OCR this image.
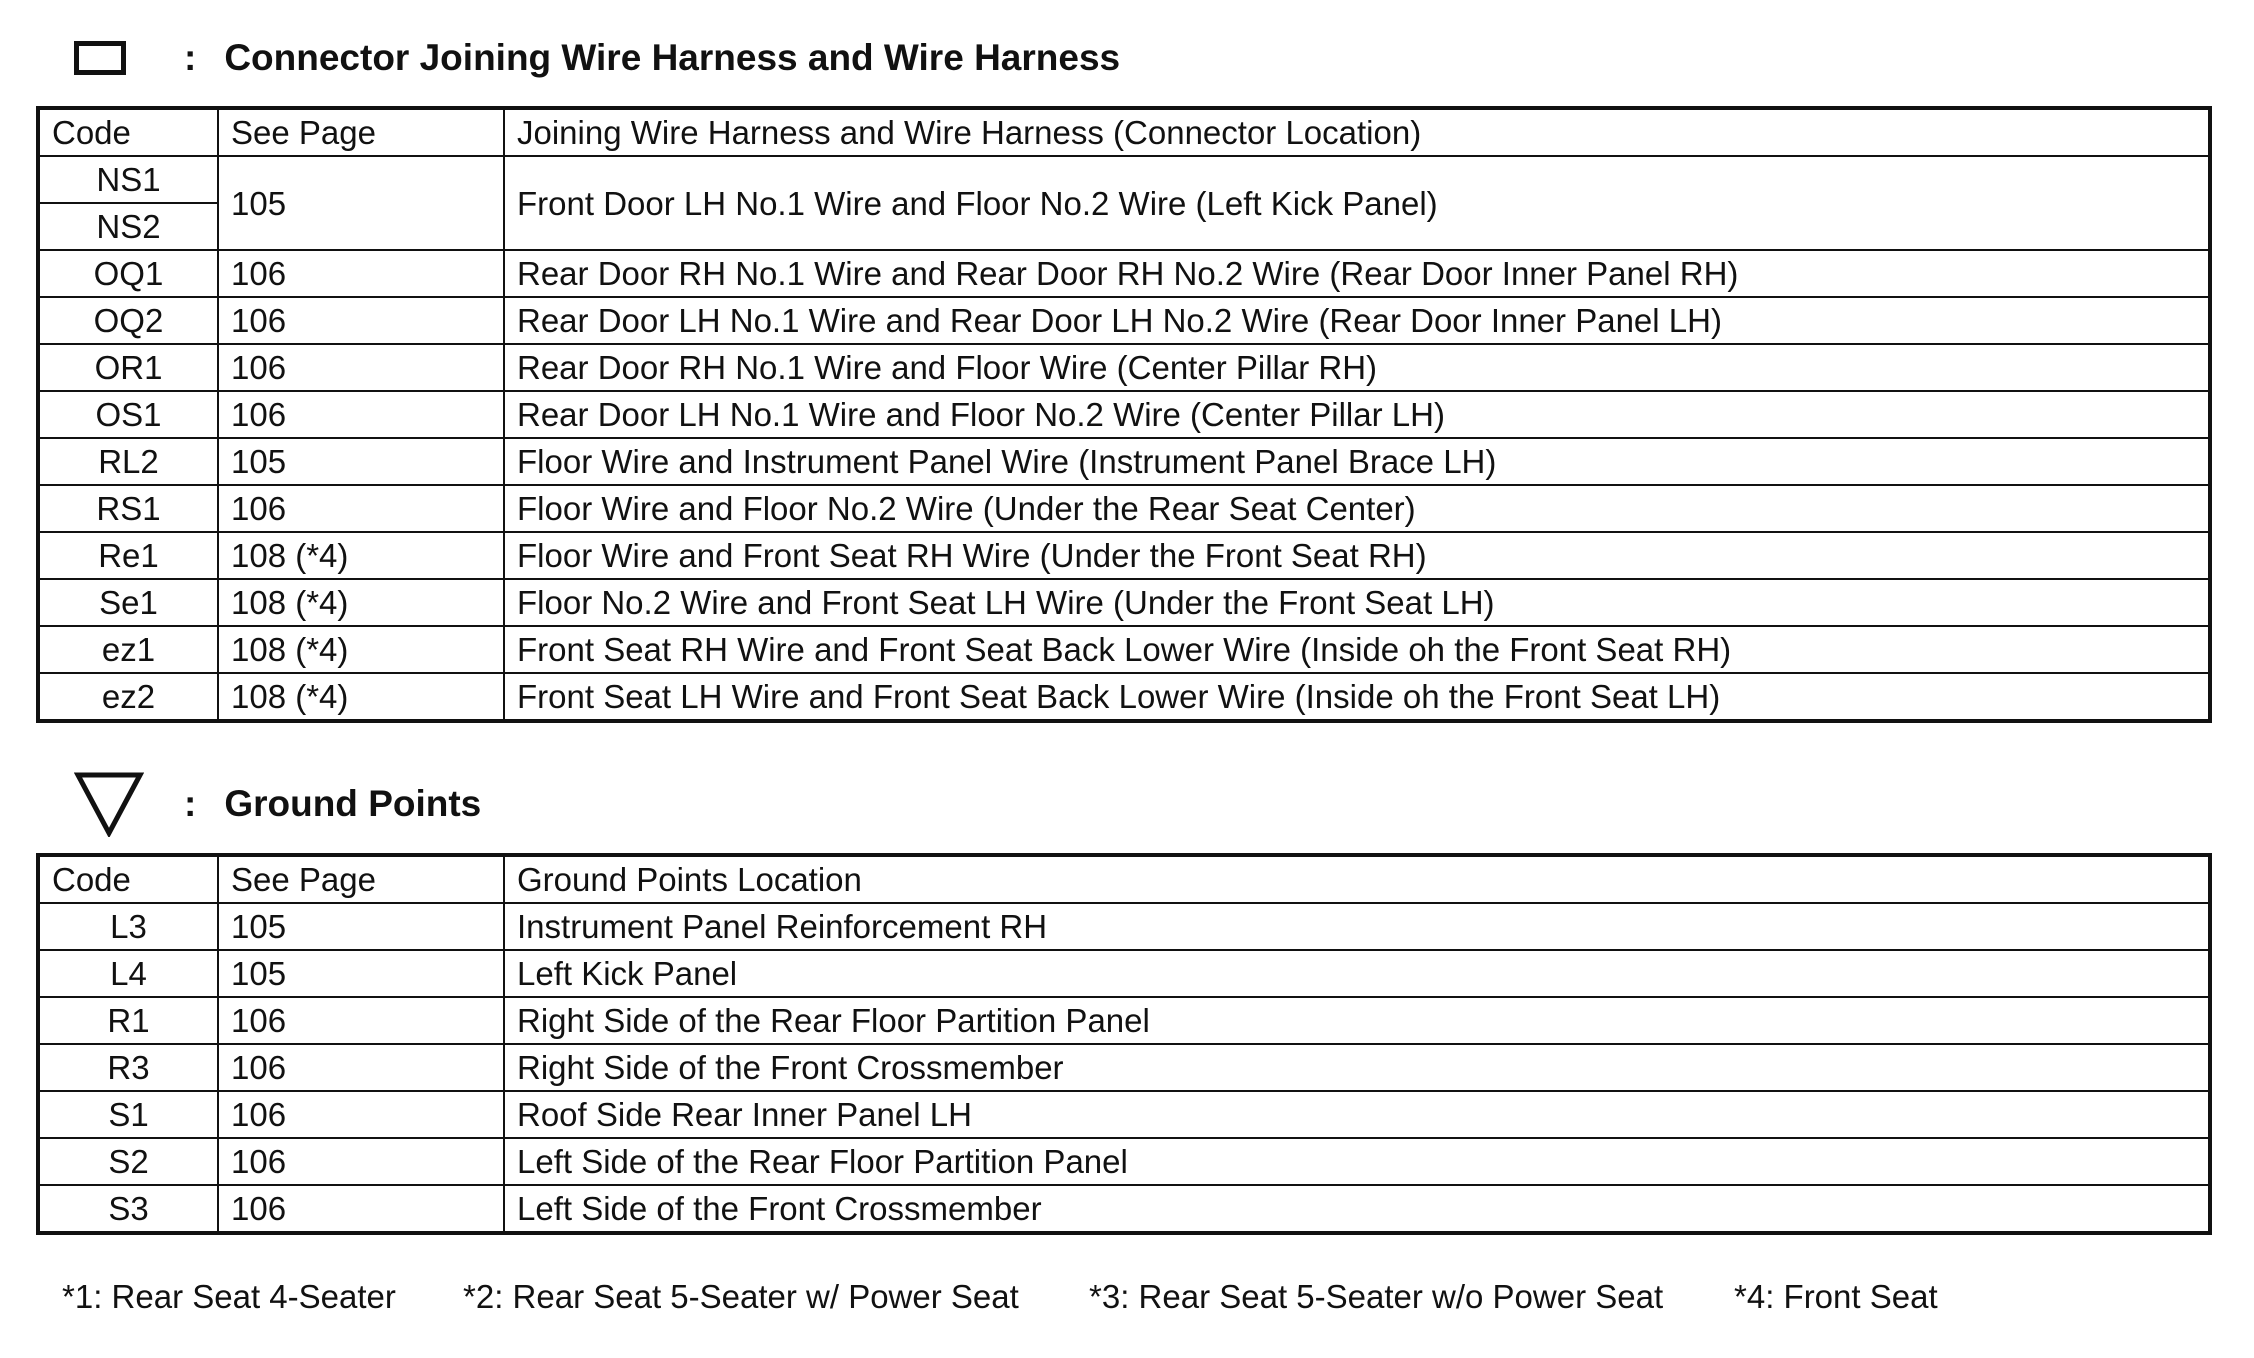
: Connector Joining Wire Harness and Wire Harness
Code	See Page	Joining Wire Harness and Wire Harness (Connector Location)
NS1	105	Front Door LH No.1 Wire and Floor No.2 Wire (Left Kick Panel)
NS2		
OQ1	106	Rear Door RH No.1 Wire and Rear Door RH No.2 Wire (Rear Door Inner Panel RH)
OQ2	106	Rear Door LH No.1 Wire and Rear Door LH No.2 Wire (Rear Door Inner Panel LH)
OR1	106	Rear Door RH No.1 Wire and Floor Wire (Center Pillar RH)
OS1	106	Rear Door LH No.1 Wire and Floor No.2 Wire (Center Pillar LH)
RL2	105	Floor Wire and Instrument Panel Wire (Instrument Panel Brace LH)
RS1	106	Floor Wire and Floor No.2 Wire (Under the Rear Seat Center)
Re1	108 (*4)	Floor Wire and Front Seat RH Wire (Under the Front Seat RH)
Se1	108 (*4)	Floor No.2 Wire and Front Seat LH Wire (Under the Front Seat LH)
ez1	108 (*4)	Front Seat RH Wire and Front Seat Back Lower Wire (Inside oh the Front Seat RH)
ez2	108 (*4)	Front Seat LH Wire and Front Seat Back Lower Wire (Inside oh the Front Seat LH)
: Ground Points
Code	See Page	Ground Points Location
L3	105	Instrument Panel Reinforcement RH
L4	105	Left Kick Panel
R1	106	Right Side of the Rear Floor Partition Panel
R3	106	Right Side of the Front Crossmember
S1	106	Roof Side Rear Inner Panel LH
S2	106	Left Side of the Rear Floor Partition Panel
S3	106	Left Side of the Front Crossmember
*1: Rear Seat 4-Seater	*2: Rear Seat 5-Seater w/ Power Seat	*3: Rear Seat 5-Seater w/o Power Seat	*4: Front Seat
